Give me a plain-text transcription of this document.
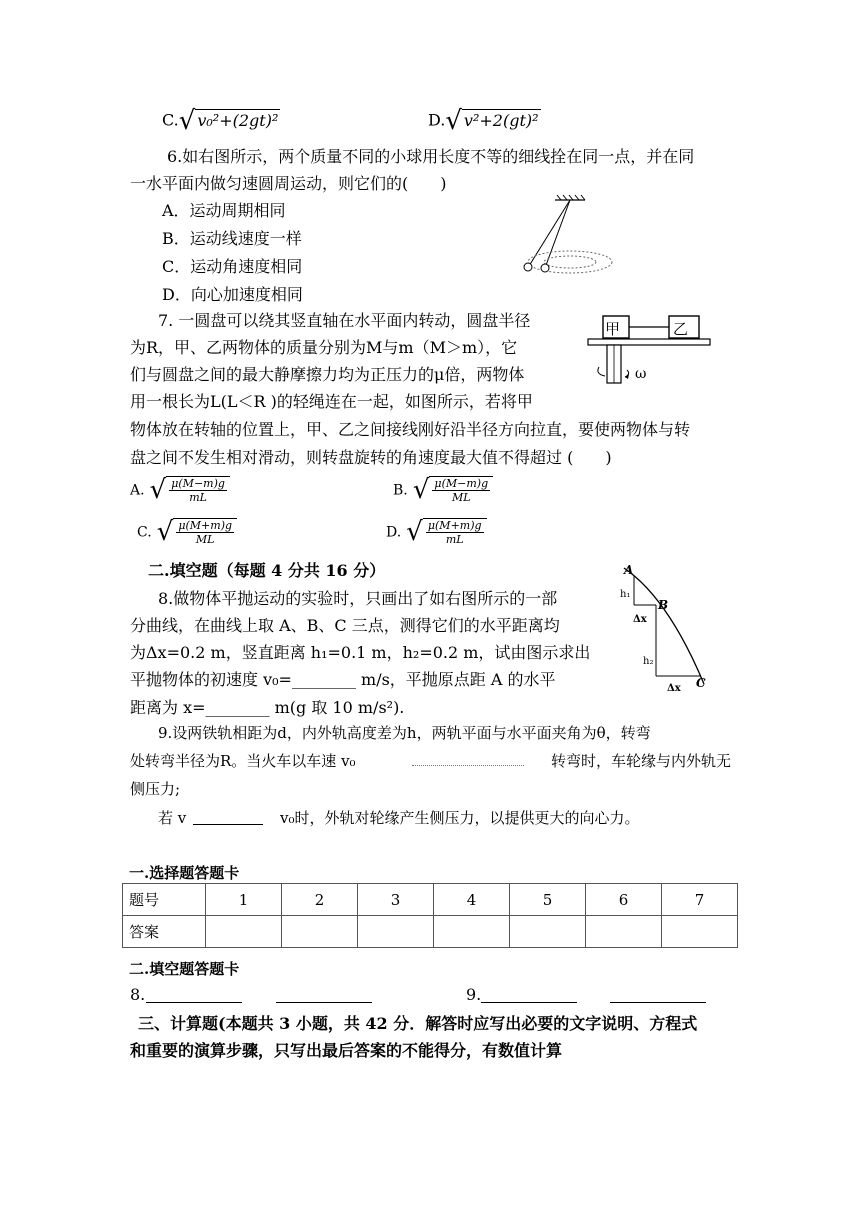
C.√ v₀²+(2gt)²	D.√ v²+2(gt)²
6.如右图所示，两个质量不同的小球用长度不等的细线拴在同一点，并在同
一水平面内做匀速圆周运动，则它们的(　　)
A．运动周期相同
B．运动线速度一样
C．运动角速度相同
D．向心加速度相同
7. 一圆盘可以绕其竖直轴在水平面内转动，圆盘半径
为R，甲、乙两物体的质量分别为M与m（M＞m），它
们与圆盘之间的最大静摩擦力均为正压力的μ倍，两物体
用一根长为L(L＜R )的轻绳连在一起，如图所示，若将甲
物体放在转轴的位置上，甲、乙之间接线刚好沿半径方向拉直，要使两物体与转
盘之间不发生相对滑动，则转盘旋转的角速度最大值不得超过 (　　)
甲	乙
ω
A. √ $\frac{\mu(M-m)g}{mL}$	B. √ $\frac{\mu(M-m)g}{ML}$
C. √ $\frac{\mu(M+m)g}{ML}$	D. √ $\frac{\mu(M+m)g}{mL}$
二.填空题（每题 4 分共 16 分）
8.做物体平抛运动的实验时，只画出了如右图所示的一部
分曲线，在曲线上取 A、B、C 三点，测得它们的水平距离均
为Δx=0.2 m，竖直距离 h₁=0.1 m，h₂=0.2 m，试由图示求出
平抛物体的初速度 v₀=________ m/s，平抛原点距 A 的水平
距离为 x=________ m(g 取 10 m/s²).
A
B
C
h₁
h₂
Δx
Δx
9.设两铁轨相距为d，内外轨高度差为h，两轨平面与水平面夹角为θ，转弯
处转弯半径为R。当火车以车速 v₀	转弯时，车轮缘与内外轨无
侧压力;
若 v	v₀时，外轨对轮缘产生侧压力，以提供更大的向心力。
一.选择题答题卡
题号	1	2	3	4	5	6	7
答案							
二.填空题答题卡
8.	9.
三、计算题(本题共 3 小题，共 42 分．解答时应写出必要的文字说明、方程式
和重要的演算步骤，只写出最后答案的不能得分，有数值计算
